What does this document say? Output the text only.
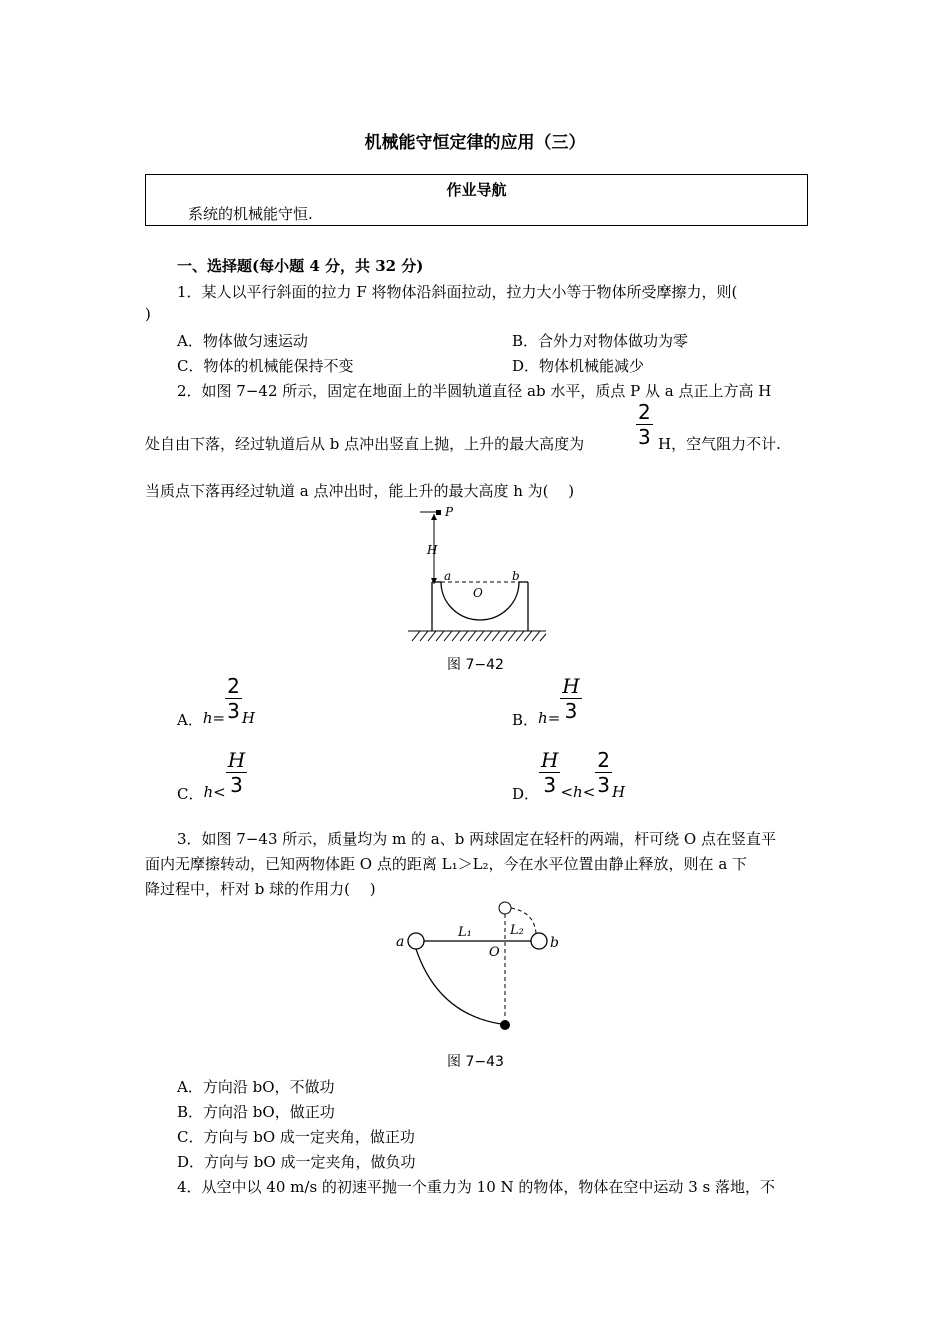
机械能守恒定律的应用（三）
作业导航
系统的机械能守恒.
一、选择题(每小题 4 分，共 32 分)
1．某人以平行斜面的拉力 F 将物体沿斜面拉动，拉力大小等于物体所受摩擦力，则(
)
A．物体做匀速运动	B．合外力对物体做功为零
C．物体的机械能保持不变	D．物体机械能减少
2．如图 7−42 所示，固定在地面上的半圆轨道直径 ab 水平，质点 P 从 a 点正上方高 H
处自由下落，经过轨道后从 b 点冲出竖直上抛，上升的最大高度为	$\frac{2}{3}$ H，空气阻力不计.
当质点下落再经过轨道 a 点冲出时，能上升的最大高度 h 为(　 )
P
H
a	b
O
图 7−42
A．$h= \frac{2}{3}$ H	B．$h= \frac{H}{3}$
C．$h< \frac{H}{3}$	D． $\frac{H}{3} <h< \frac{2}{3}$ H
3．如图 7−43 所示，质量均为 m 的 a、b 两球固定在轻杆的两端，杆可绕 O 点在竖直平
面内无摩擦转动，已知两物体距 O 点的距离 L₁＞L₂，今在水平位置由静止释放，则在 a 下
降过程中，杆对 b 球的作用力(　 )
a	b
O
L₁	L₂
图 7−43
A．方向沿 bO，不做功
B．方向沿 bO，做正功
C．方向与 bO 成一定夹角，做正功
D．方向与 bO 成一定夹角，做负功
4．从空中以 40 m/s 的初速平抛一个重力为 10 N 的物体，物体在空中运动 3 s 落地，不
